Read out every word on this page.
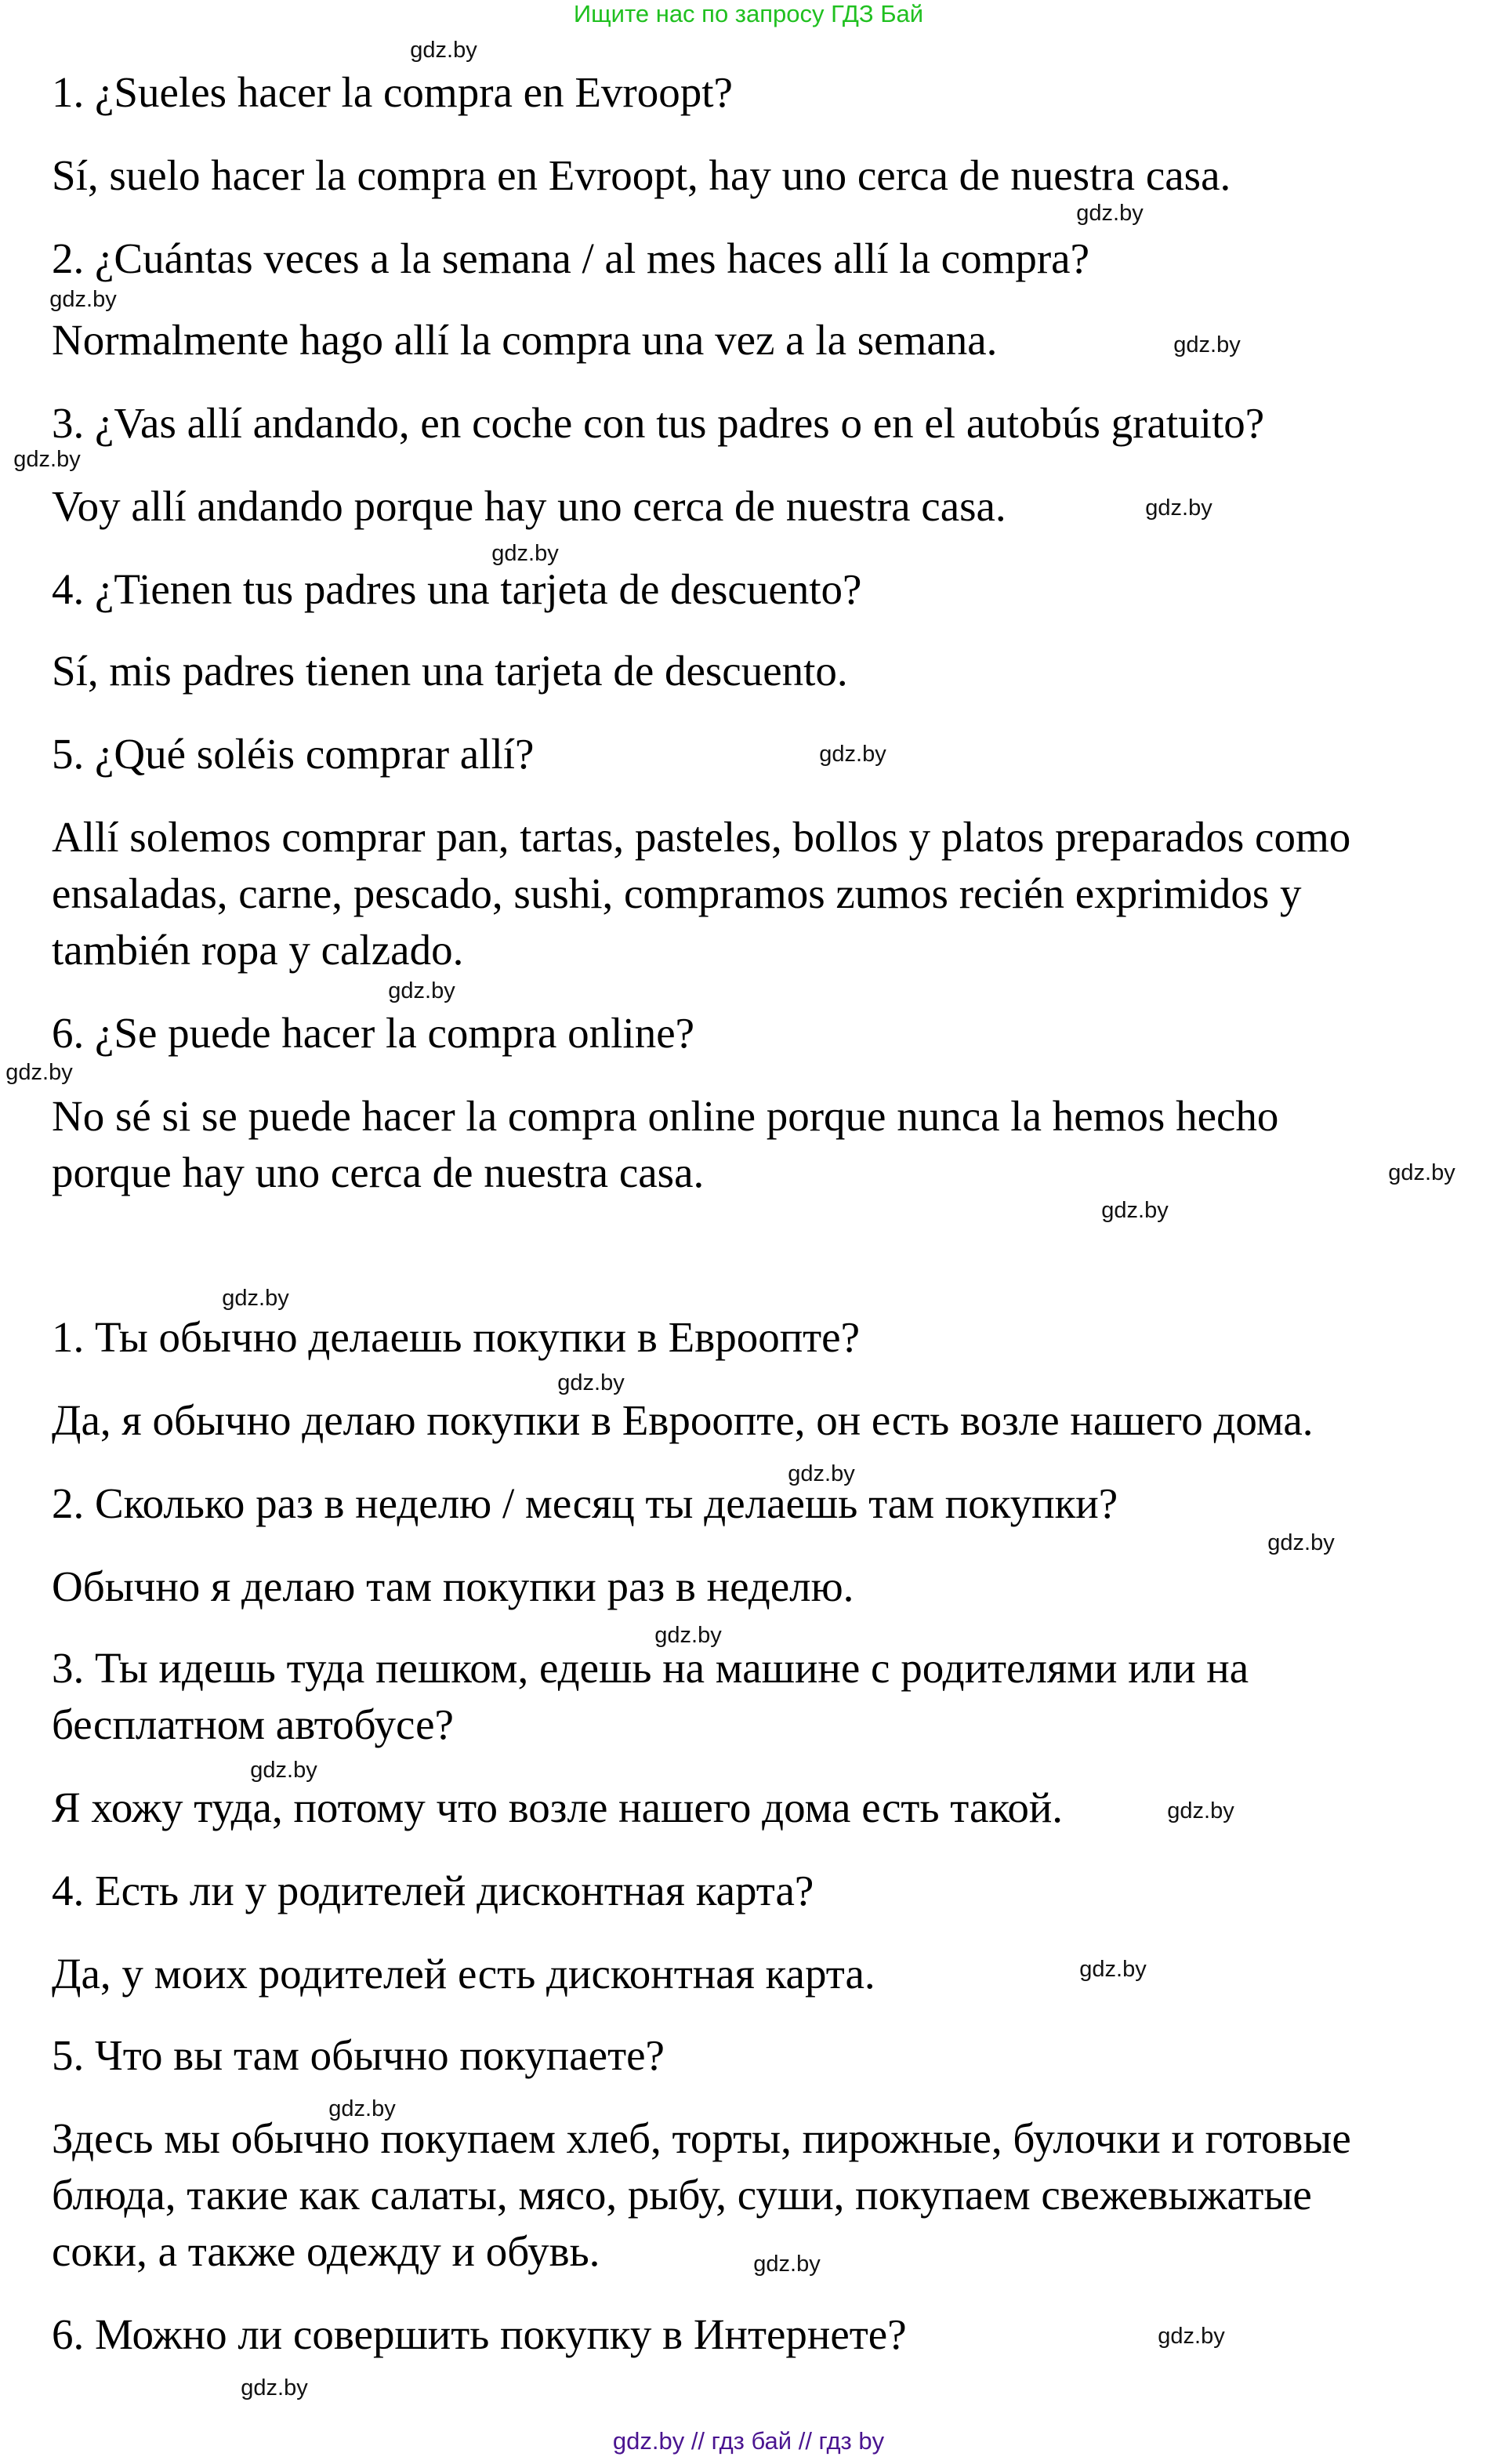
Ищите нас по запросу ГДЗ Бай
1. ¿Sueles hacer la compra en Evroopt?
Sí, suelo hacer la compra en Evroopt, hay uno cerca de nuestra casa.
2. ¿Cuántas veces a la semana / al mes haces allí la compra?
Normalmente hago allí la compra una vez a la semana.
3. ¿Vas allí andando, en coche con tus padres o en el autobús gratuito?
Voy allí andando porque hay uno cerca de nuestra casa.
4. ¿Tienen tus padres una tarjeta de descuento?
Sí, mis padres tienen una tarjeta de descuento.
5. ¿Qué soléis comprar allí?
Allí solemos comprar pan, tartas, pasteles, bollos y platos preparados como
ensaladas, carne, pescado, sushi, compramos zumos recién exprimidos y
también ropa y calzado.
6. ¿Se puede hacer la compra online?
No sé si se puede hacer la compra online porque nunca la hemos hecho
porque hay uno cerca de nuestra casa.
1. Ты обычно делаешь покупки в Евроопте?
Да, я обычно делаю покупки в Евроопте, он есть возле нашего дома.
2. Сколько раз в неделю / месяц ты делаешь там покупки?
Обычно я делаю там покупки раз в неделю.
3. Ты идешь туда пешком, едешь на машине с родителями или на
бесплатном автобусе?
Я хожу туда, потому что возле нашего дома есть такой.
4. Есть ли у родителей дисконтная карта?
Да, у моих родителей есть дисконтная карта.
5. Что вы там обычно покупаете?
Здесь мы обычно покупаем хлеб, торты, пирожные, булочки и готовые
блюда, такие как салаты, мясо, рыбу, суши, покупаем свежевыжатые
соки, а также одежду и обувь.
6. Можно ли совершить покупку в Интернете?
gdz.by
gdz.by
gdz.by
gdz.by
gdz.by
gdz.by
gdz.by
gdz.by
gdz.by
gdz.by
gdz.by
gdz.by
gdz.by
gdz.by
gdz.by
gdz.by
gdz.by
gdz.by
gdz.by
gdz.by
gdz.by
gdz.by
gdz.by
gdz.by
gdz.by // гдз бай // гдз by
